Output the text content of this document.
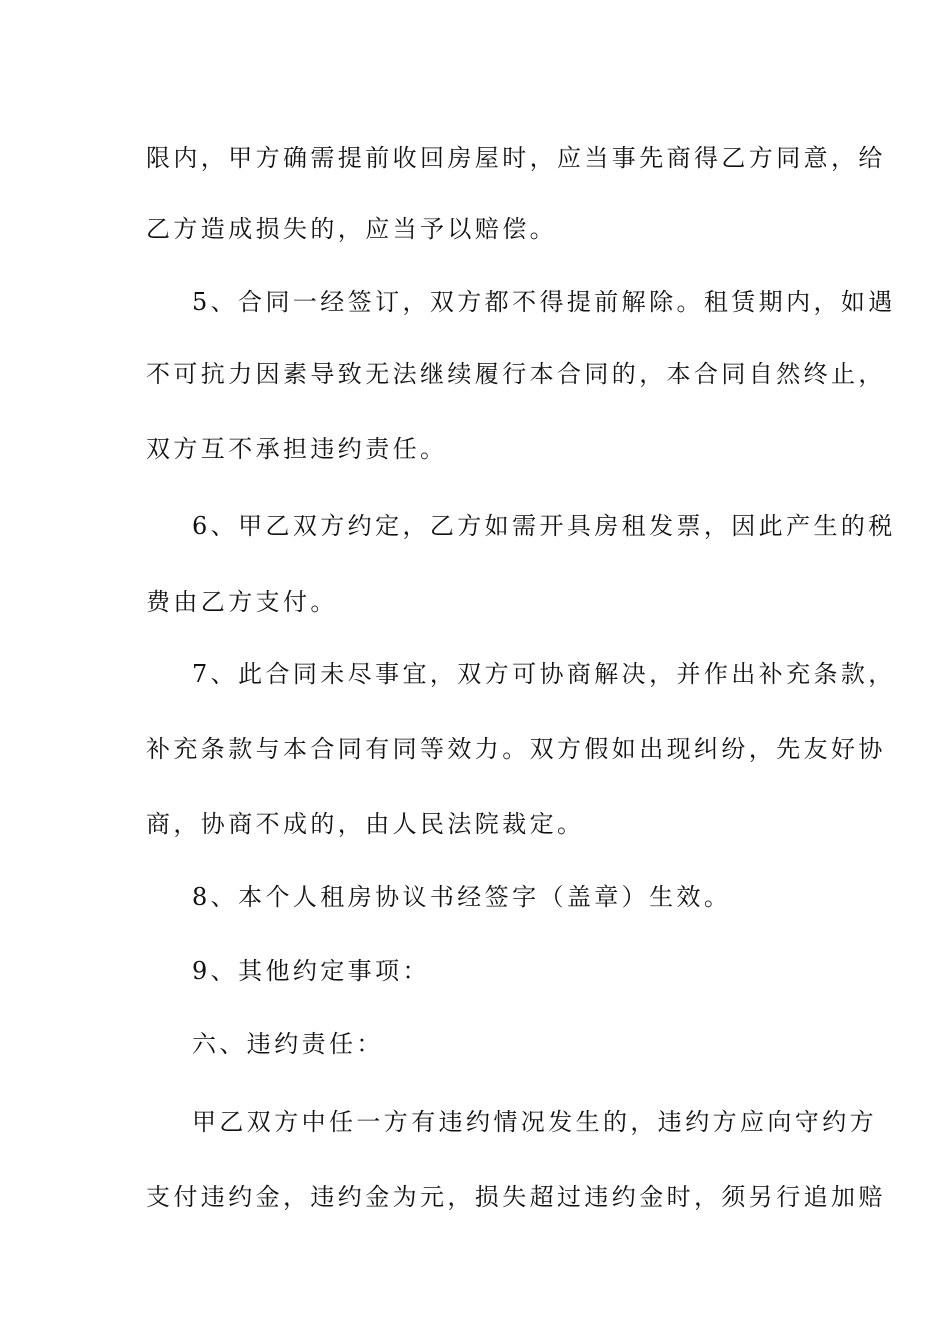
限内，甲方确需提前收回房屋时，应当事先商得乙方同意，给
乙方造成损失的，应当予以赔偿。
5、合同一经签订，双方都不得提前解除。租赁期内，如遇
不可抗力因素导致无法继续履行本合同的，本合同自然终止，
双方互不承担违约责任。
6、甲乙双方约定，乙方如需开具房租发票，因此产生的税
费由乙方支付。
7、此合同未尽事宜，双方可协商解决，并作出补充条款，
补充条款与本合同有同等效力。双方假如出现纠纷，先友好协
商，协商不成的，由人民法院裁定。
8、本个人租房协议书经签字（盖章）生效。
9、其他约定事项：
六、违约责任：
甲乙双方中任一方有违约情况发生的，违约方应向守约方
支付违约金，违约金为元，损失超过违约金时，须另行追加赔
